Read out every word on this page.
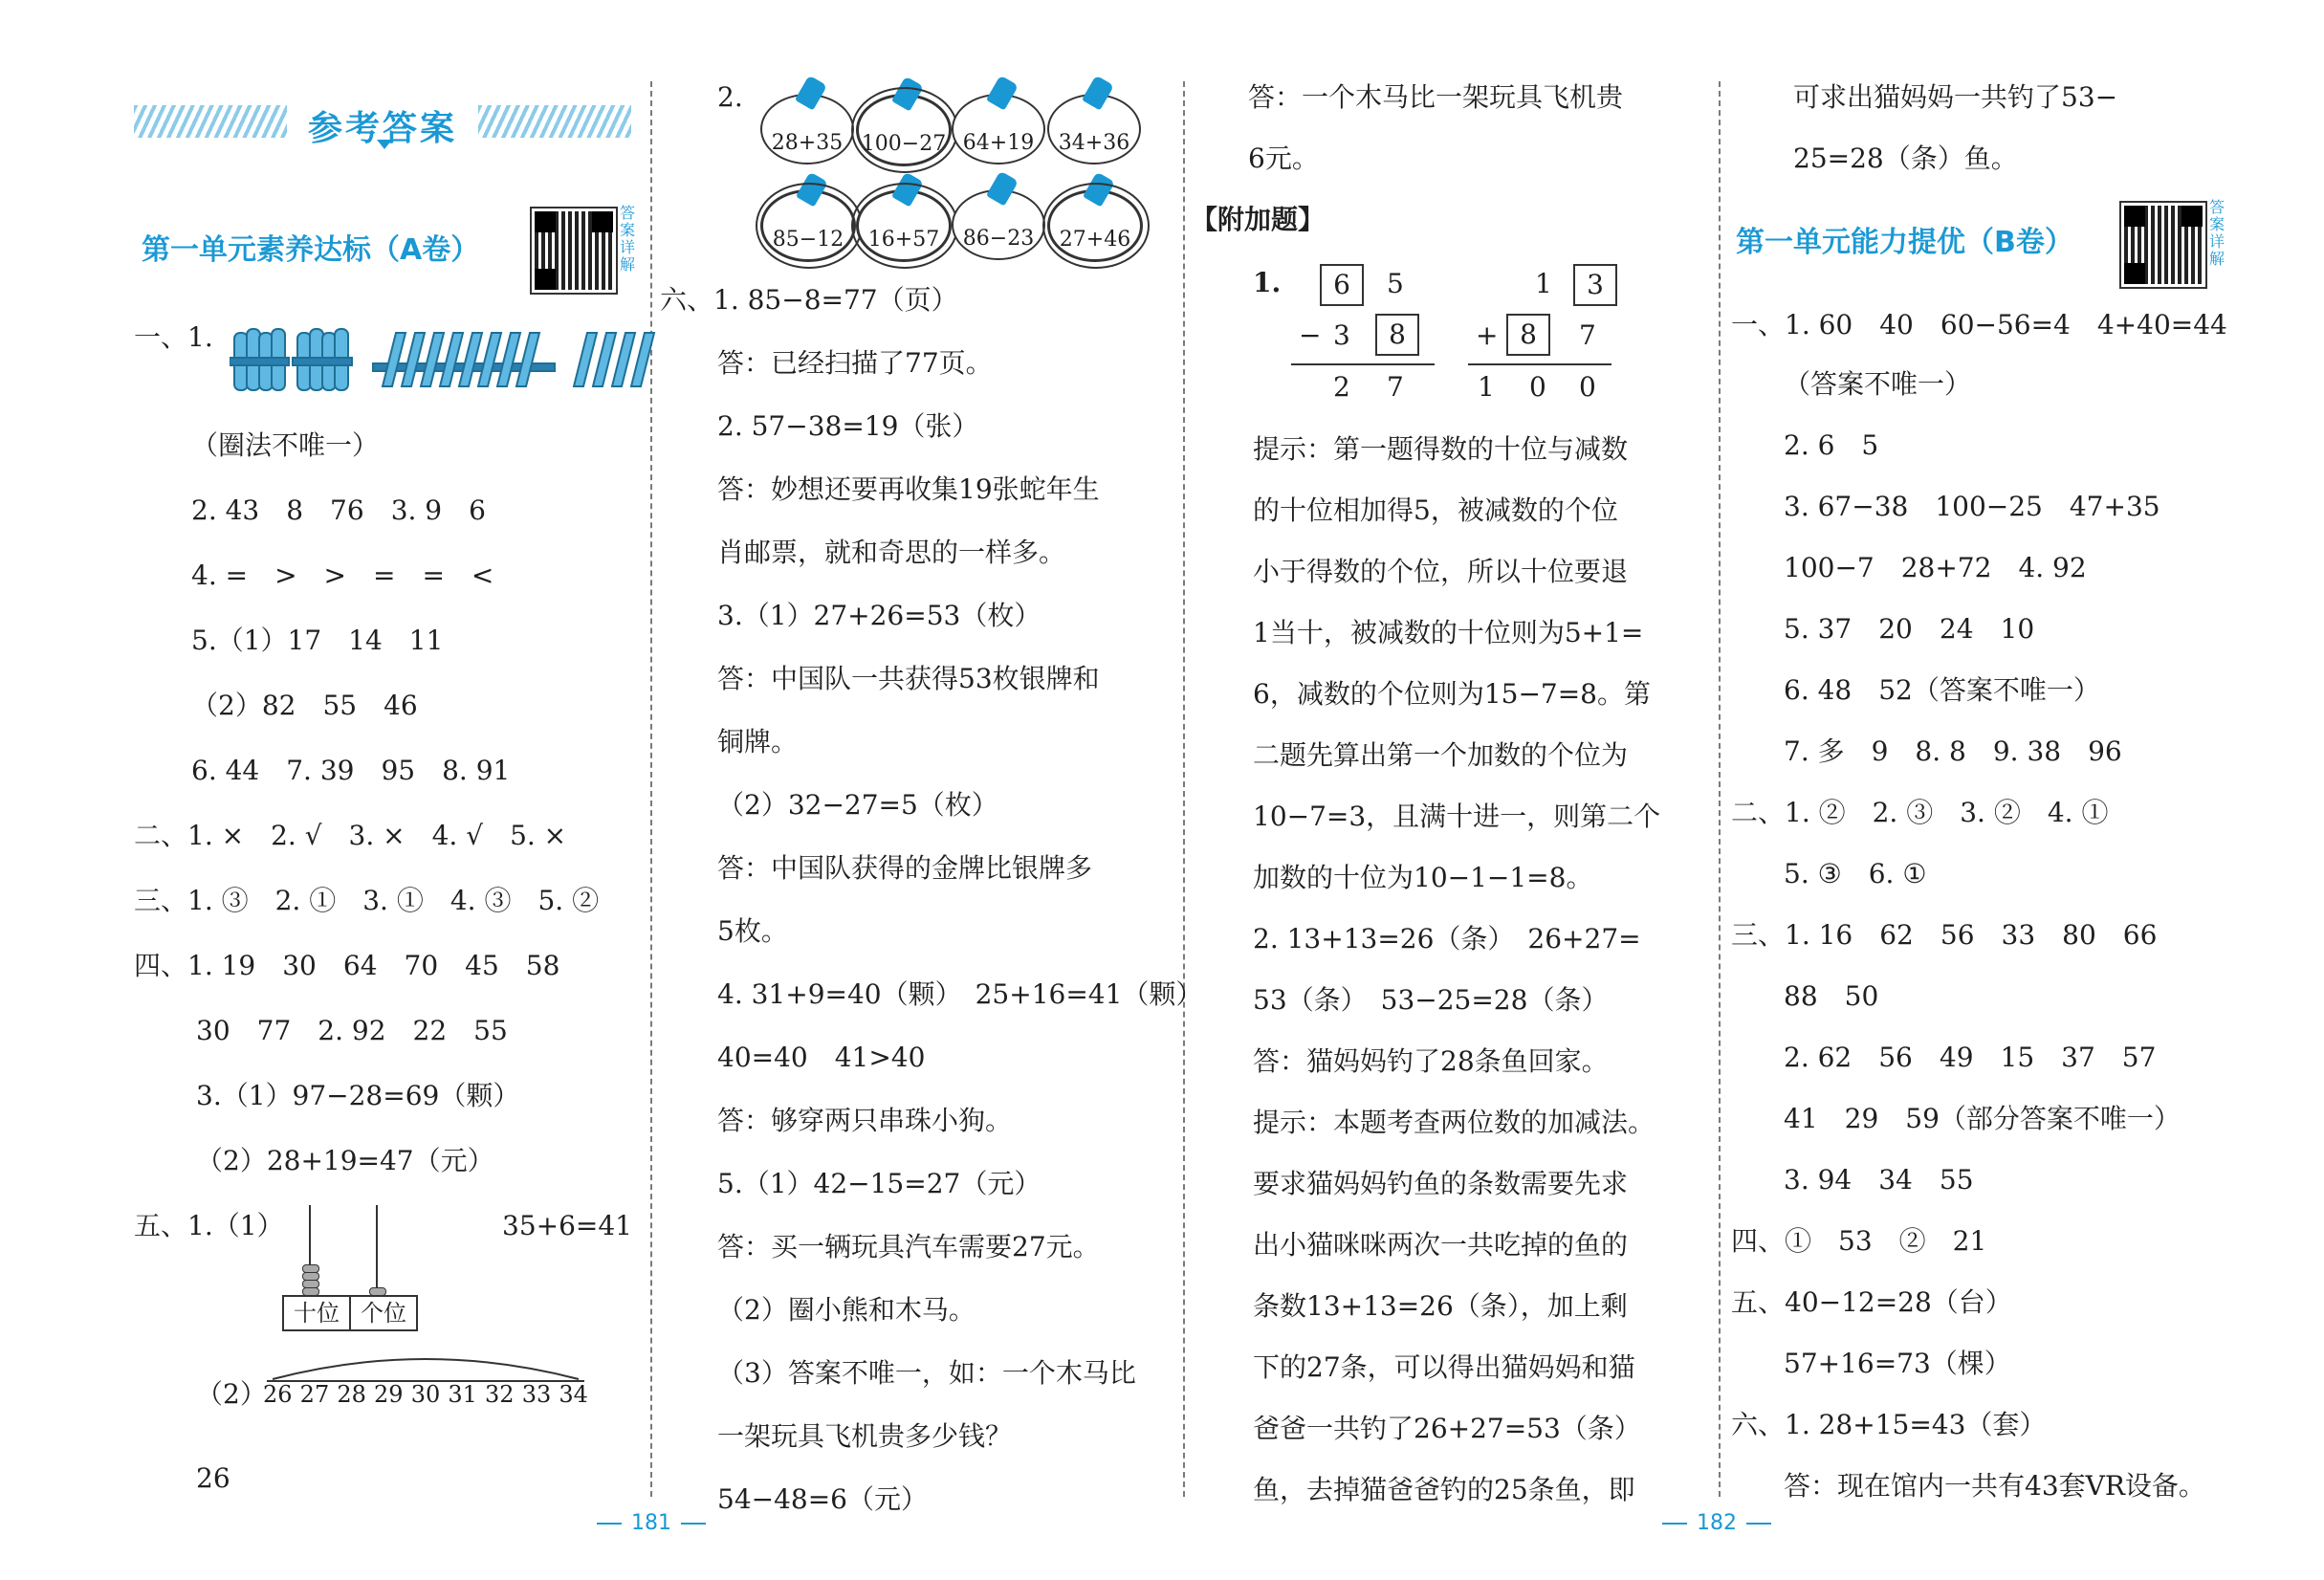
参考答案
第一单元素养达标（A卷）
答案详解
一、1.
（圈法不唯一）
2. 43　8　76　3. 9　6
4. =　>　>　=　=　<
5.（1）17　14　11
（2）82　55　46
6. 44　7. 39　95　8. 91
二、1. ×　2. √　3. ×　4. √　5. ×
三、1. ③　2. ①　3. ①　4. ③　5. ②
四、1. 19　30　64　70　45　58
30　77　2. 92　22　55
3.（1）97−28=69（颗）
（2）28+19=47（元）
五、1.（1）	35+6=41
十位 个位
（2）
26 27 28 29 30 31 32 33 34
26
2.
28+35 100−27 64+19	34+36
85−12	16+57	86−23	27+46
六、1. 85−8=77（页）
答：已经扫描了77页。
2. 57−38=19（张）
答：妙想还要再收集19张蛇年生
肖邮票，就和奇思的一样多。
3.（1）27+26=53（枚）
答：中国队一共获得53枚银牌和
铜牌。
（2）32−27=5（枚）
答：中国队获得的金牌比银牌多
5枚。
4. 31+9=40（颗）　25+16=41（颗）
40=40　41>40
答：够穿两只串珠小狗。
5.（1）42−15=27（元）
答：买一辆玩具汽车需要27元。
（2）圈小熊和木马。
（3）答案不唯一，如：一个木马比
一架玩具飞机贵多少钱？
54−48=6（元）
181
答：一个木马比一架玩具飞机贵
6元。
【附加题】
1.	6	5
− 3	8
2 7
1	3
+ 8	7
1 0 0
提示：第一题得数的十位与减数
的十位相加得5，被减数的个位
小于得数的个位，所以十位要退
1当十，被减数的十位则为5+1=
6，减数的个位则为15−7=8。第
二题先算出第一个加数的个位为
10−7=3，且满十进一，则第二个
加数的十位为10−1−1=8。
2. 13+13=26（条）　26+27=
53（条）　53−25=28（条）
答：猫妈妈钓了28条鱼回家。
提示：本题考查两位数的加减法。
要求猫妈妈钓鱼的条数需要先求
出小猫咪咪两次一共吃掉的鱼的
条数13+13=26（条），加上剩
下的27条，可以得出猫妈妈和猫
爸爸一共钓了26+27=53（条）
鱼，去掉猫爸爸钓的25条鱼，即
可求出猫妈妈一共钓了53−
25=28（条）鱼。
第一单元能力提优（B卷）
一、1. 60　40　60−56=4　4+40=44
（答案不唯一）
2. 6　5
3. 67−38　100−25　47+35
100−7　28+72　4. 92
5. 37　20　24　10
6. 48　52（答案不唯一）
7. 多　9　8. 8　9. 38　96
二、1. ②　2. ③　3. ②　4. ①
5. ③　6. ①
三、1. 16　62　56　33　80　66
88　50
2. 62　56　49　15　37　57
41　29　59（部分答案不唯一）
3. 94　34　55
四、①　53　②　21
五、40−12=28（台）
57+16=73（棵）
六、1. 28+15=43（套）
答：现在馆内一共有43套VR设备。
答案详解
182
